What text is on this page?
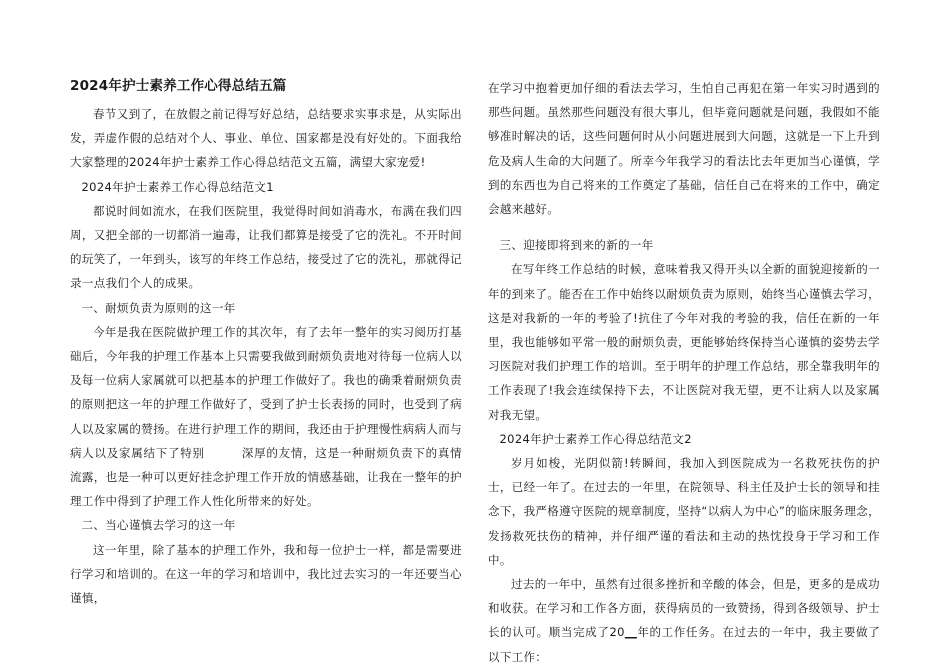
2024年护士素养工作心得总结五篇

春节又到了，在放假之前记得写好总结，总结要求实事求是，从实际出发，弄虚作假的总结对个人、事业、单位、国家都是没有好处的。下面我给大家整理的2024年护士素养工作心得总结范文五篇，满望大家宠爱!

2024年护士素养工作心得总结范文1

都说时间如流水，在我们医院里，我觉得时间如消毒水，布满在我们四周，又把全部的一切都消一遍毒，让我们都算是接受了它的洗礼。不开时间的玩笑了，一年到头，该写的年终工作总结，接受过了它的洗礼，那就得记录一点我们个人的成果。

一、耐烦负责为原则的这一年

今年是我在医院做护理工作的其次年，有了去年一整年的实习阅历打基础后，今年我的护理工作基本上只需要我做到耐烦负责地对待每一位病人以及每一位病人家属就可以把基本的护理工作做好了。我也的确秉着耐烦负责的原则把这一年的护理工作做好了，受到了护士长表扬的同时，也受到了病人以及家属的赞扬。在进行护理工作的期间，我还由于护理慢性病病人而与病人以及家属结下了特别	深厚的友情，这是一种耐烦负责下的真情流露，也是一种可以更好挂念护理工作开放的情感基础，让我在一整年的护理工作中得到了护理工作人性化所带来的好处。

二、当心谨慎去学习的这一年

这一年里，除了基本的护理工作外，我和每一位护士一样，都是需要进行学习和培训的。在这一年的学习和培训中，我比过去实习的一年还要当心谨慎，

在学习中抱着更加仔细的看法去学习，生怕自己再犯在第一年实习时遇到的那些问题。虽然那些问题没有很大事儿，但毕竟问题就是问题，我假如不能够准时解决的话，这些问题何时从小问题进展到大问题，这就是一下上升到危及病人生命的大问题了。所幸今年我学习的看法比去年更加当心谨慎，学到的东西也为自己将来的工作奠定了基础，信任自己在将来的工作中，确定会越来越好。

三、迎接即将到来的新的一年

在写年终工作总结的时候，意味着我又得开头以全新的面貌迎接新的一年的到来了。能否在工作中始终以耐烦负责为原则，始终当心谨慎去学习，这是对我新的一年的考验了!抗住了今年对我的考验的我，信任在新的一年里，我也能够如平常一般的耐烦负责，更能够始终保持当心谨慎的姿势去学习医院对我们护理工作的培训。至于明年的护理工作总结，那全靠我明年的工作表现了!我会连续保持下去，不让医院对我无望，更不让病人以及家属对我无望。

2024年护士素养工作心得总结范文2

岁月如梭，光阴似箭!转瞬间，我加入到医院成为一名救死扶伤的护士，已经一年了。在过去的一年里，在院领导、科主任及护士长的领导和挂念下，我严格遵守医院的规章制度，坚持“以病人为中心”的临床服务理念，发扬救死扶伤的精神，并仔细严谨的看法和主动的热忱投身于学习和工作中。

过去的一年中，虽然有过很多挫折和辛酸的体会，但是，更多的是成功和收获。在学习和工作各方面，获得病员的一致赞扬，得到各级领导、护士长的认可。顺当完成了20__年的工作任务。在过去的一年中，我主要做了以下工作：
